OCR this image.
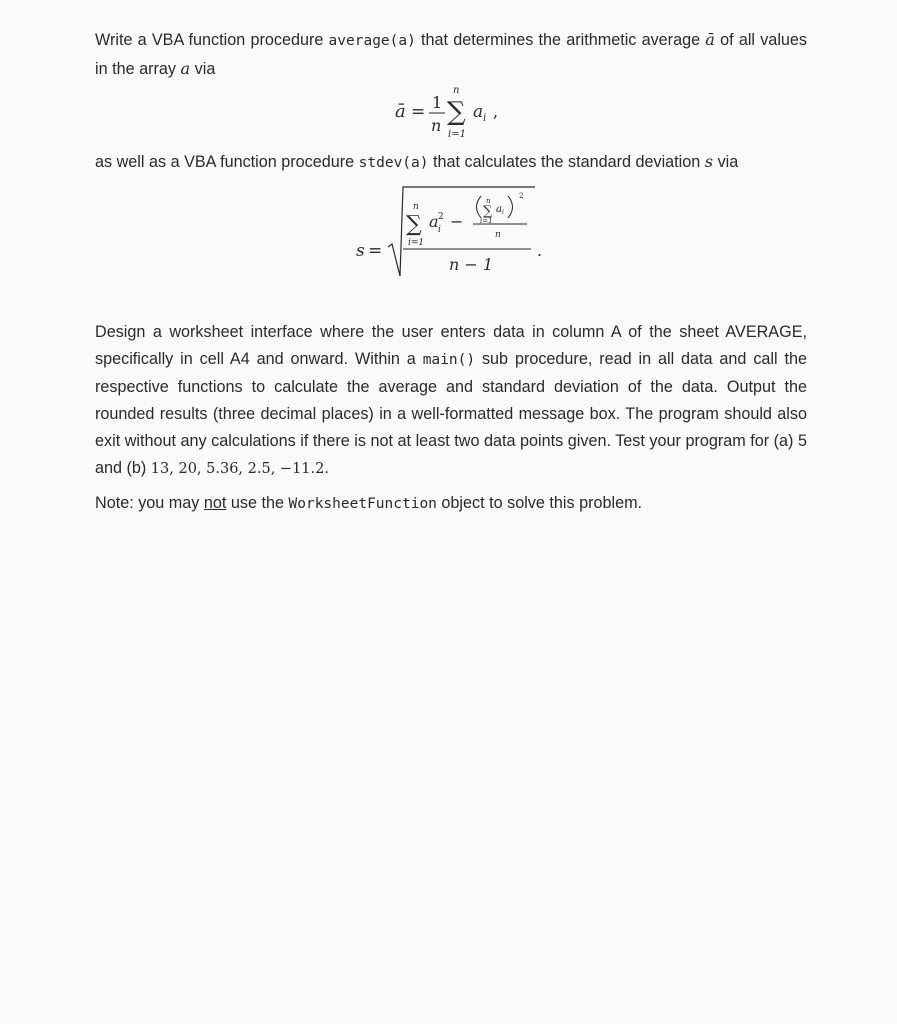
Write a VBA function procedure average(a) that determines the arithmetic average ā of all values in the array a via

ā = 1
n
n
∑
i=1
a i ,

as well as a VBA function procedure stdev(a) that calculates the standard deviation s via

s =
n
∑
i=1
a 2
i −
n
∑
i=1
a i
2
n
n − 1
.

Design a worksheet interface where the user enters data in column A of the sheet AVERAGE, specifically in cell A4 and onward. Within a main() sub procedure, read in all data and call the respective functions to calculate the average and standard deviation of the data. Output the rounded results (three decimal places) in a well-formatted message box. The program should also exit without any calculations if there is not at least two data points given. Test your program for (a) 5 and (b) 13, 20, 5.36, 2.5, −11.2.

Note: you may not use the WorksheetFunction object to solve this problem.
